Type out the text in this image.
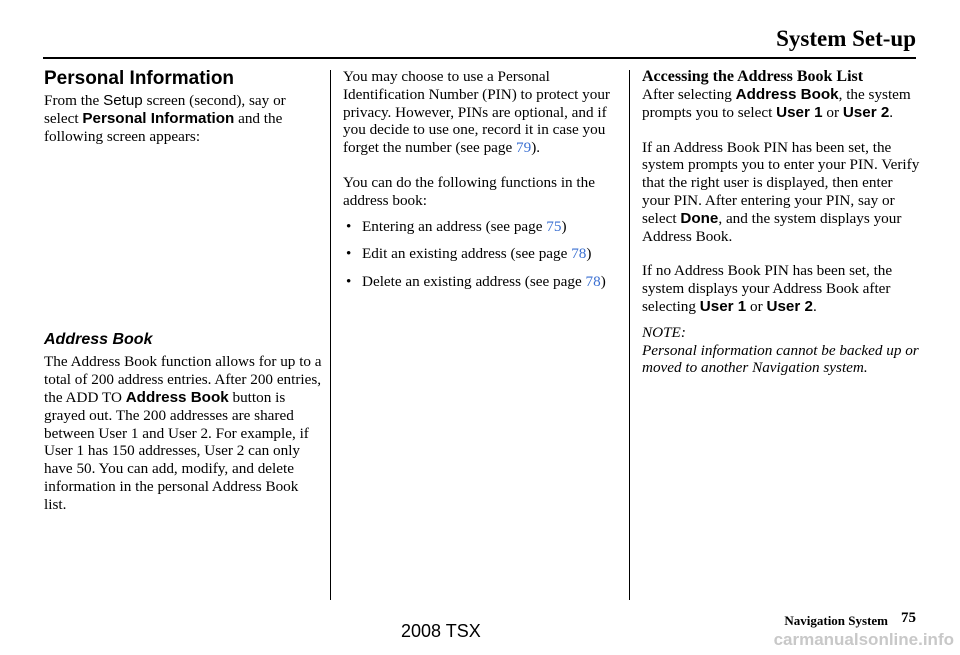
System Set-up
Personal Information

From the Setup screen (second), say or select Personal Information and the following screen appears:

Address Book

The Address Book function allows for up to a total of 200 address entries. After 200 entries, the ADD TO Address Book button is grayed out. The 200 addresses are shared between User 1 and User 2. For example, if User 1 has 150 addresses, User 2 can only have 50. You can add, modify, and delete information in the personal Address Book list.

You may choose to use a Personal Identification Number (PIN) to protect your privacy. However, PINs are optional, and if you decide to use one, record it in case you forget the number (see page 79).

You can do the following functions in the address book:

• Entering an address (see page 75)
• Edit an existing address (see page 78)
• Delete an existing address (see page 78)
Accessing the Address Book List

After selecting Address Book, the system prompts you to select User 1 or User 2.

If an Address Book PIN has been set, the system prompts you to enter your PIN. Verify that the right user is displayed, then enter your PIN. After entering your PIN, say or select Done, and the system displays your Address Book.

If no Address Book PIN has been set, the system displays your Address Book after selecting User 1 or User 2.

NOTE:

Personal information cannot be backed up or moved to another Navigation system.

Navigation System 75
2008 TSX	carmanualsonline.info
